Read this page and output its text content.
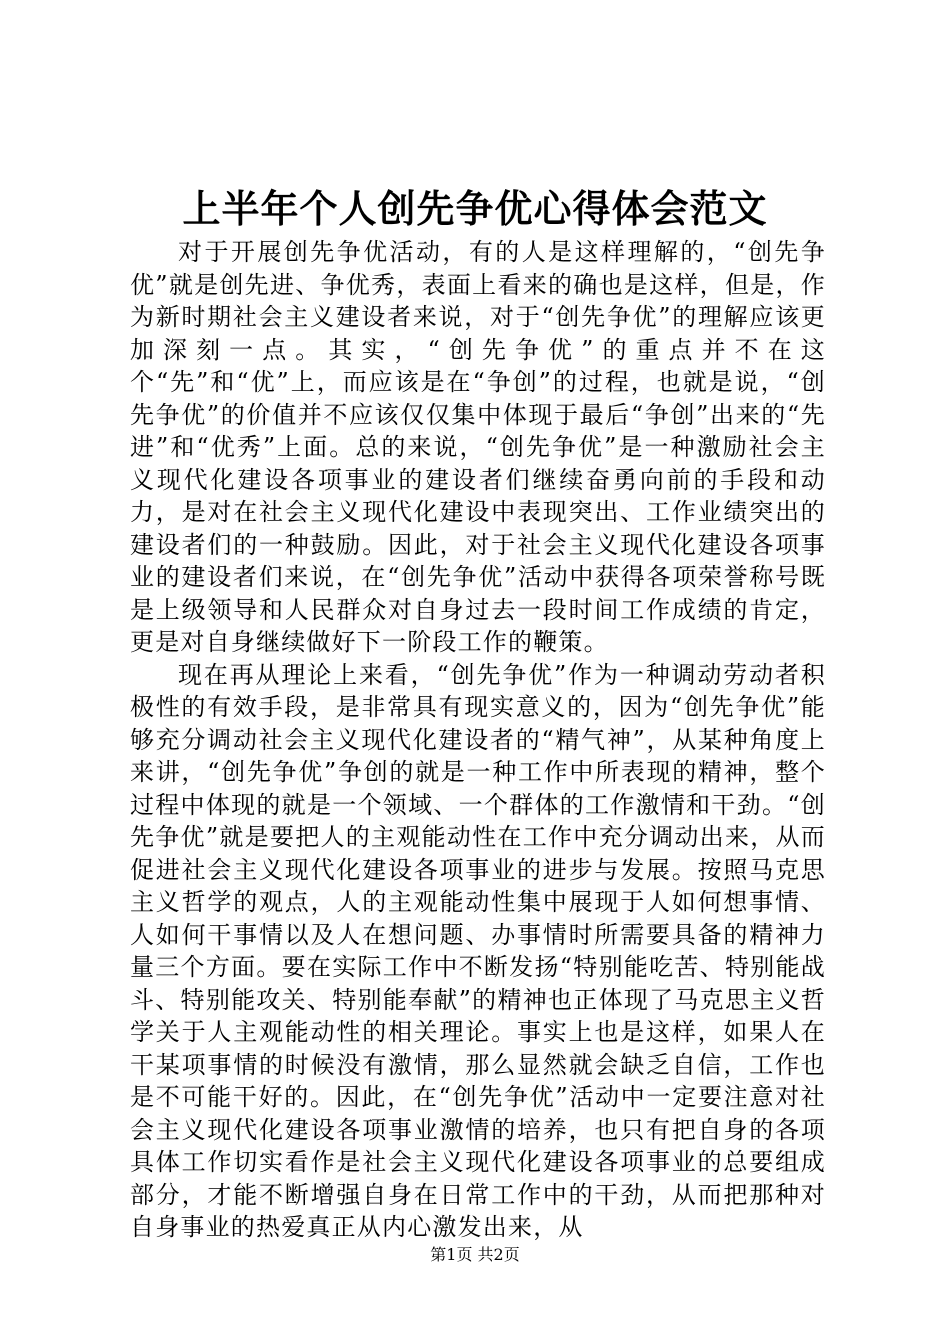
上半年个人创先争优心得体会范文

对于开展创先争优活动，有的人是这样理解的，“创先争优”就是创先进、争优秀，表面上看来的确也是这样，但是，作为新时期社会主义建设者来说，对于“创先争优”的理解应该更加深刻一点。其实，“创先争优”的重点并不在这个“先”和“优”上，而应该是在“争创”的过程，也就是说，“创先争优”的价值并不应该仅仅集中体现于最后“争创”出来的“先进”和“优秀”上面。总的来说，“创先争优”是一种激励社会主义现代化建设各项事业的建设者们继续奋勇向前的手段和动力，是对在社会主义现代化建设中表现突出、工作业绩突出的建设者们的一种鼓励。因此，对于社会主义现代化建设各项事业的建设者们来说，在“创先争优”活动中获得各项荣誉称号既是上级领导和人民群众对自身过去一段时间工作成绩的肯定，更是对自身继续做好下一阶段工作的鞭策。

现在再从理论上来看，“创先争优”作为一种调动劳动者积极性的有效手段，是非常具有现实意义的，因为“创先争优”能够充分调动社会主义现代化建设者的“精气神”，从某种角度上来讲，“创先争优”争创的就是一种工作中所表现的精神，整个过程中体现的就是一个领域、一个群体的工作激情和干劲。“创先争优”就是要把人的主观能动性在工作中充分调动出来，从而促进社会主义现代化建设各项事业的进步与发展。按照马克思主义哲学的观点，人的主观能动性集中展现于人如何想事情、人如何干事情以及人在想问题、办事情时所需要具备的精神力量三个方面。要在实际工作中不断发扬“特别能吃苦、特别能战斗、特别能攻关、特别能奉献”的精神也正体现了马克思主义哲学关于人主观能动性的相关理论。事实上也是这样，如果人在干某项事情的时候没有激情，那么显然就会缺乏自信，工作也是不可能干好的。因此，在“创先争优”活动中一定要注意对社会主义现代化建设各项事业激情的培养，也只有把自身的各项具体工作切实看作是社会主义现代化建设各项事业的总要组成部分，才能不断增强自身在日常工作中的干劲，从而把那种对自身事业的热爱真正从内心激发出来，从

第1页 共2页
